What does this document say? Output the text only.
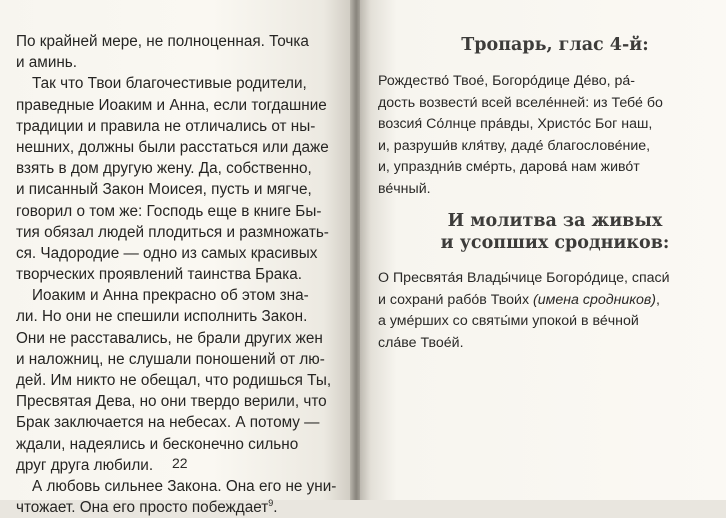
По крайней мере, не полноценная. Точка
и аминь.
Так что Твои благочестивые родители,
праведные Иоаким и Анна, если тогдашние
традиции и правила не отличались от ны-
нешних, должны были расстаться или даже
взять в дом другую жену. Да, собственно,
и писанный Закон Моисея, пусть и мягче,
говорил о том же: Господь еще в книге Бы-
тия обязал людей плодиться и размножать-
ся. Чадородие — одно из самых красивых
творческих проявлений таинства Брака.
Иоаким и Анна прекрасно об этом зна-
ли. Но они не спешили исполнить Закон.
Они не расставались, не брали других жен
и наложниц, не слушали поношений от лю-
дей. Им никто не обещал, что родишься Ты,
Пресвятая Дева, но они твердо верили, что
Брак заключается на небесах. А потому —
ждали, надеялись и бесконечно сильно
друг друга любили.
А любовь сильнее Закона. Она его не уни-
чтожает. Она его просто побеждает$^9$.
22
Тропарь, глас 4-й:
Рождество́ Твое́, Богоро́дице Де́во, ра́-
дость возвести́ всей вселе́нней: из Тебе́ бо
возсия́ Со́лнце пра́вды, Христо́с Бог наш,
и, разруши́в кля́тву, даде́ благослове́ние,
и, упраздни́в сме́рть, дарова́ нам живо́т
ве́чный.
И молитва за живых
и усопших сродников:
О Пресвята́я Влады́чице Богоро́дице, спаси́
и сохрани́ рабо́в Твои́х (имена сродников),
а уме́рших со святы́ми упокои́ в ве́чной
сла́ве Твое́й.
